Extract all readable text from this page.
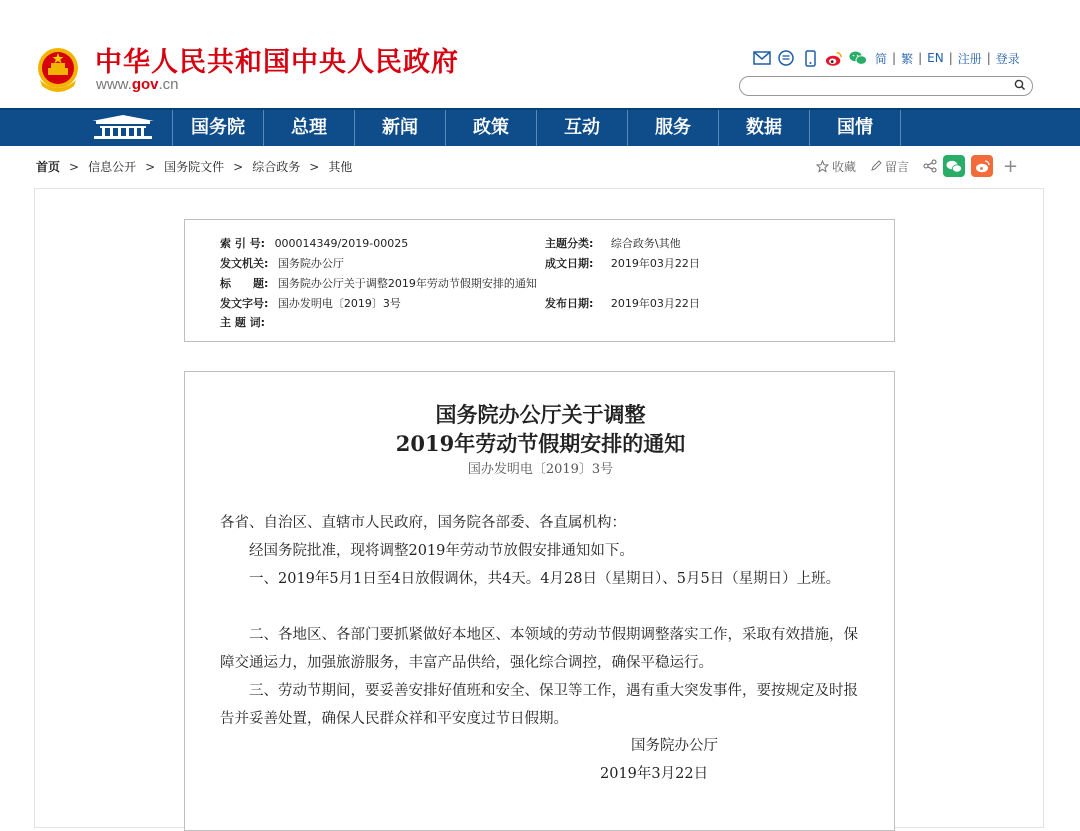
中华人民共和国中央人民政府
www.gov.cn
简 | 繁 | EN | 注册 | 登录
国务院	总理	新闻	政策	互动	服务	数据	国情
首页 > 信息公开 > 国务院文件 > 综合政务 > 其他	收藏 留言	+
索 引 号: 000014349/2019-00025	主题分类: 综合政务\其他
发文机关: 国务院办公厅	成文日期: 2019年03月22日
标　　题: 国务院办公厅关于调整2019年劳动节假期安排的通知
发文字号: 国办发明电〔2019〕3号	发布日期: 2019年03月22日
主 题 词:
国务院办公厅关于调整
2019年劳动节假期安排的通知
国办发明电〔2019〕3号
各省、自治区、直辖市人民政府，国务院各部委、各直属机构：
　　经国务院批准，现将调整2019年劳动节放假安排通知如下。
　　一、2019年5月1日至4日放假调休，共4天。4月28日（星期日）、5月5日（星期日）上班。
　　二、各地区、各部门要抓紧做好本地区、本领域的劳动节假期调整落实工作，采取有效措施，保障交通运力，加强旅游服务，丰富产品供给，强化综合调控，确保平稳运行。
　　三、劳动节期间，要妥善安排好值班和安全、保卫等工作，遇有重大突发事件，要按规定及时报告并妥善处置，确保人民群众祥和平安度过节日假期。
国务院办公厅
2019年3月22日
